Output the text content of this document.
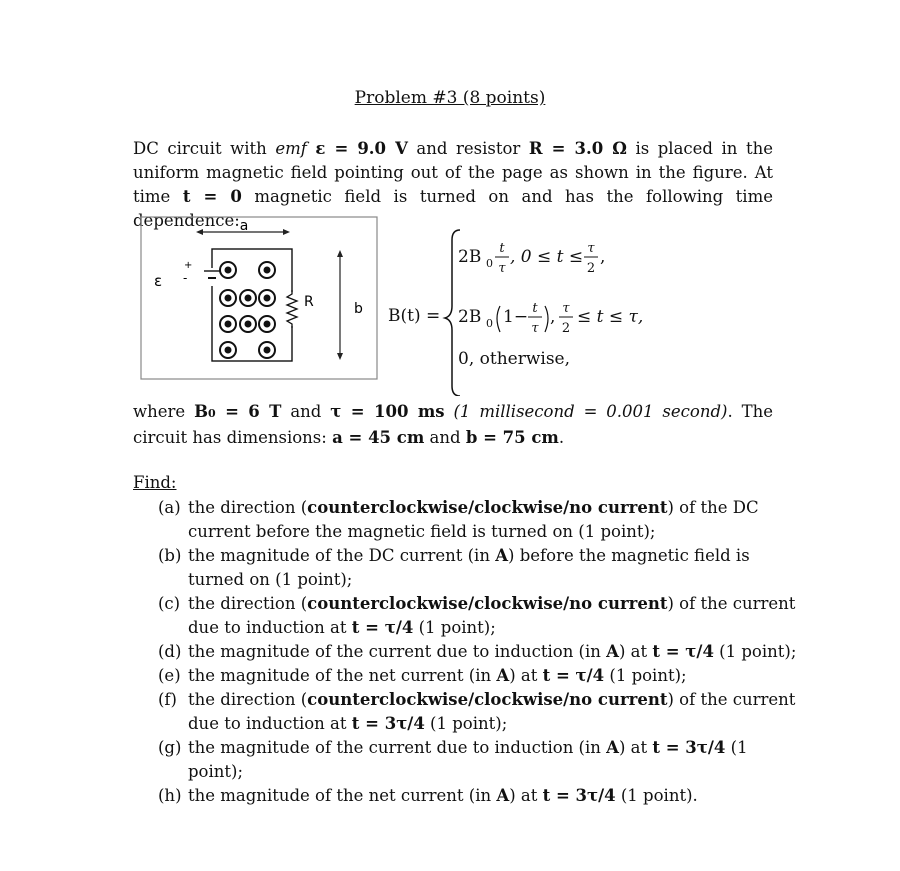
Problem #3 (8 points)
DC circuit with emf ε = 9.0 V and resistor R = 3.0 Ω is placed in the uniform magnetic field pointing out of the page as shown in the figure. At time t = 0 magnetic field is turned on and has the following time dependence: a
+
-
ε
R	b B(t) =
2B 0
t
τ
, 0 ≤ t ≤ τ
2
,
2B 0 1− t
τ
, τ
2
≤ t ≤ τ,
0, otherwise,
where B0 = 6 T and τ = 100 ms (1 millisecond = 0.001 second). The circuit has dimensions: a = 45 cm and b = 75 cm.
Find:
(a) the direction (counterclockwise/clockwise/no current) of the DC current before the magnetic field is turned on (1 point);
(b) the magnitude of the DC current (in A) before the magnetic field is turned on (1 point);
(c) the direction (counterclockwise/clockwise/no current) of the current due to induction at t = τ/4 (1 point);
(d) the magnitude of the current due to induction (in A) at t = τ/4 (1 point);
(e) the magnitude of the net current (in A) at t = τ/4 (1 point);
(f) the direction (counterclockwise/clockwise/no current) of the current due to induction at t = 3τ/4 (1 point);
(g) the magnitude of the current due to induction (in A) at t = 3τ/4 (1 point);
(h) the magnitude of the net current (in A) at t = 3τ/4 (1 point).
